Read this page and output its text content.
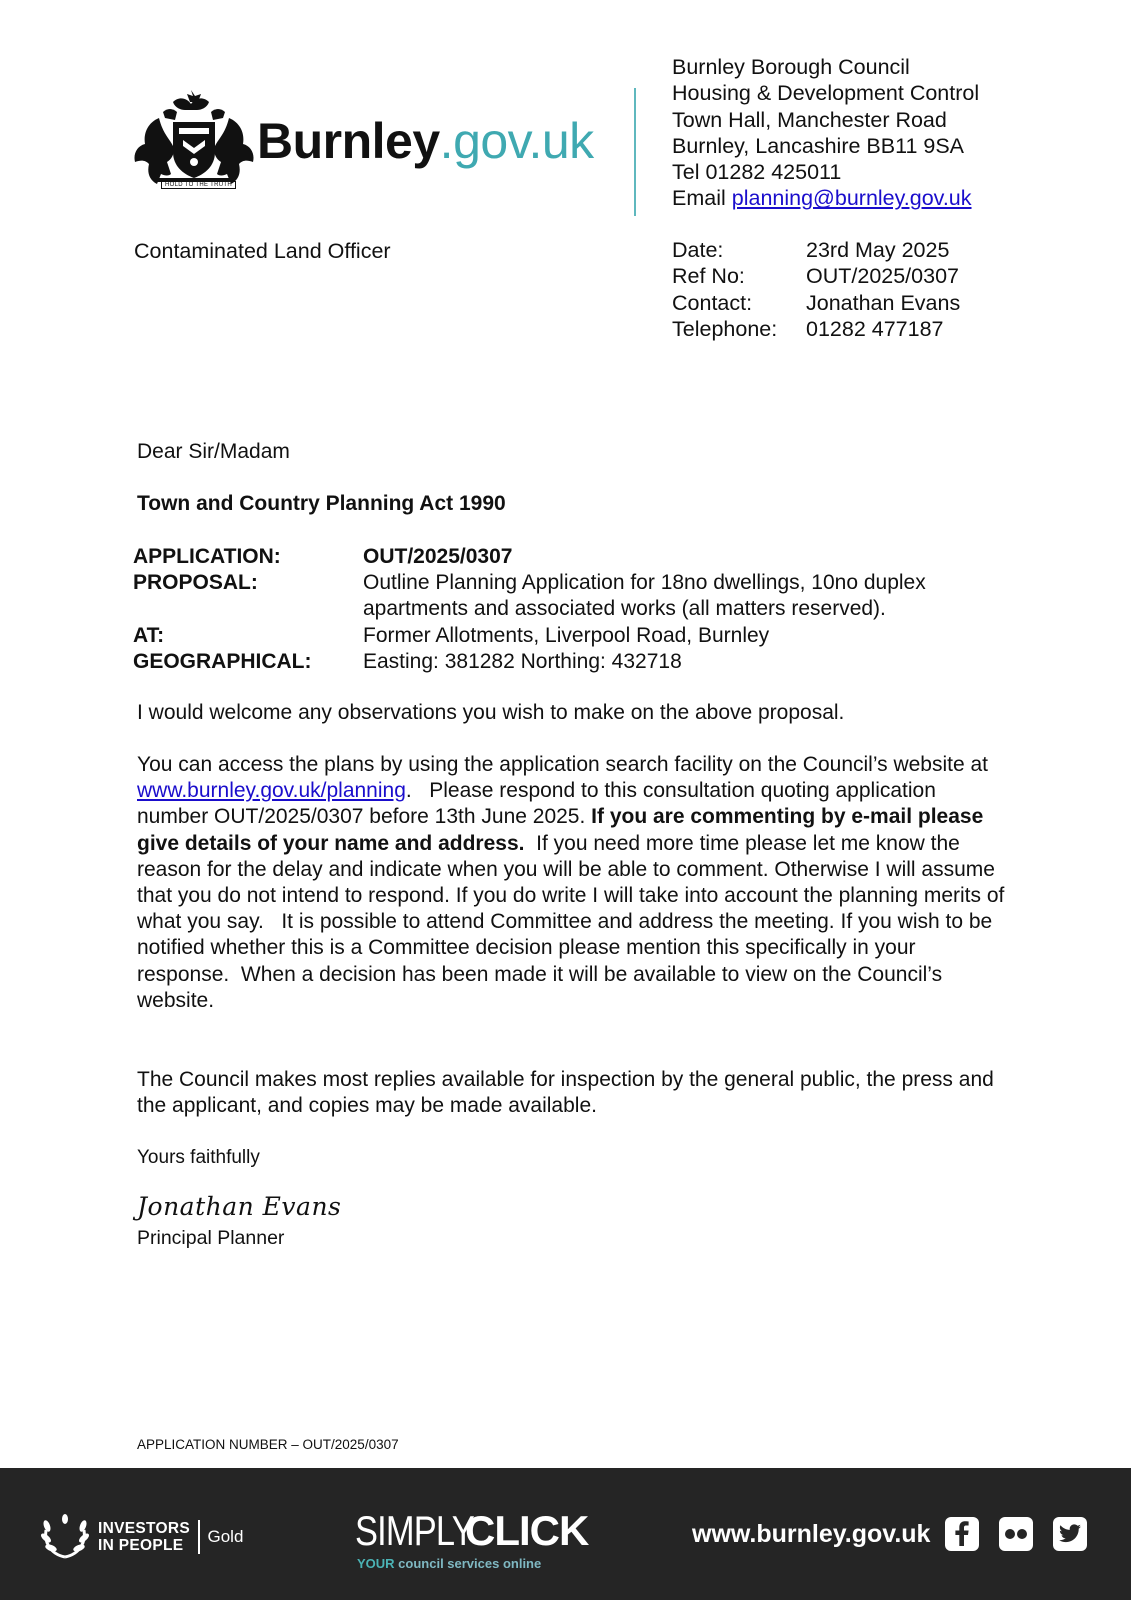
HOLD TO THE TRUTH
Burnley.gov.uk
Burnley Borough Council
Housing & Development Control
Town Hall, Manchester Road
Burnley, Lancashire BB11 9SA
Tel 01282 425011
Email planning@burnley.gov.uk
Contaminated Land Officer	Date:	23rd May 2025
Ref No:	OUT/2025/0307
Contact:	Jonathan Evans
Telephone:	01282 477187
Dear Sir/Madam
Town and Country Planning Act 1990
APPLICATION:	OUT/2025/0307
PROPOSAL:	Outline Planning Application for 18no dwellings, 10no duplex
apartments and associated works (all matters reserved).
AT:	Former Allotments, Liverpool Road, Burnley
GEOGRAPHICAL:	Easting: 381282 Northing: 432718
I would welcome any observations you wish to make on the above proposal.
You can access the plans by using the application search facility on the Council’s website at www.burnley.gov.uk/planning.   Please respond to this consultation quoting application number OUT/2025/0307 before 13th June 2025. If you are commenting by e-mail please give details of your name and address.  If you need more time please let me know the reason for the delay and indicate when you will be able to comment. Otherwise I will assume that you do not intend to respond. If you do write I will take into account the planning merits of what you say.   It is possible to attend Committee and address the meeting. If you wish to be notified whether this is a Committee decision please mention this specifically in your response.  When a decision has been made it will be available to view on the Council’s website.
The Council makes most replies available for inspection by the general public, the press and the applicant, and copies may be made available.
Yours faithfully
Jonathan Evans
Principal Planner
APPLICATION NUMBER – OUT/2025/0307
INVESTORS
IN PEOPLE	Gold	SIMPLY
CLICK
YOUR council services online
www.burnley.gov.uk
